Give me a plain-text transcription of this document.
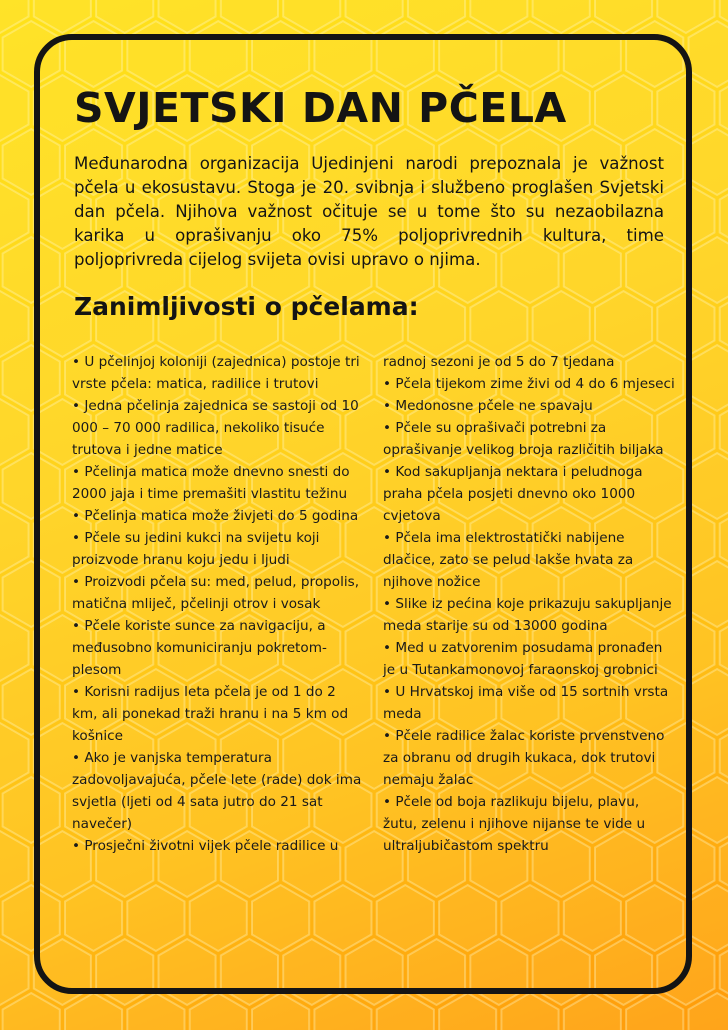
SVJETSKI DAN PČELA

Međunarodna organizacija Ujedinjeni narodi prepoznala je važnost pčela u ekosustavu. Stoga je 20. svibnja i službeno proglašen Svjetski dan pčela. Njihova važnost očituje se u tome što su nezaobilazna karika u oprašivanju oko 75% poljoprivrednih kultura, time poljoprivreda cijelog svijeta ovisi upravo o njima.

Zanimljivosti o pčelama:

• U pčelinjoj koloniji (zajednica) postoje tri vrste pčela: matica, radilice i trutovi

• Jedna pčelinja zajednica se sastoji od 10 000 – 70 000 radilica, nekoliko tisuće trutova i jedne matice

• Pčelinja matica može dnevno snesti do 2000 jaja i time premašiti vlastitu težinu

• Pčelinja matica može živjeti do 5 godina

• Pčele su jedini kukci na svijetu koji proizvode hranu koju jedu i ljudi

• Proizvodi pčela su: med, pelud, propolis, matična mliječ, pčelinji otrov i vosak

• Pčele koriste sunce za navigaciju, a međusobno komuniciranju pokretom-plesom

• Korisni radijus leta pčela je od 1 do 2 km, ali ponekad traži hranu i na 5 km od košnice

• Ako je vanjska temperatura zadovoljavajuća, pčele lete (rade) dok ima svjetla (ljeti od 4 sata jutro do 21 sat navečer)

• Prosječni životni vijek pčele radilice u

radnoj sezoni je od 5 do 7 tjedana

• Pčela tijekom zime živi od 4 do 6 mjeseci

• Medonosne pčele ne spavaju

• Pčele su oprašivači potrebni za oprašivanje velikog broja različitih biljaka

• Kod sakupljanja nektara i peludnoga praha pčela posjeti dnevno oko 1000 cvjetova

• Pčela ima elektrostatički nabijene dlačice, zato se pelud lakše hvata za njihove nožice

• Slike iz pećina koje prikazuju sakupljanje meda starije su od 13000 godina

• Med u zatvorenim posudama pronađen je u Tutankamonovoj faraonskoj grobnici

• U Hrvatskoj ima više od 15 sortnih vrsta meda

• Pčele radilice žalac koriste prvenstveno za obranu od drugih kukaca, dok trutovi nemaju žalac

• Pčele od boja razlikuju bijelu, plavu, žutu, zelenu i njihove nijanse te vide u ultraljubičastom spektru
